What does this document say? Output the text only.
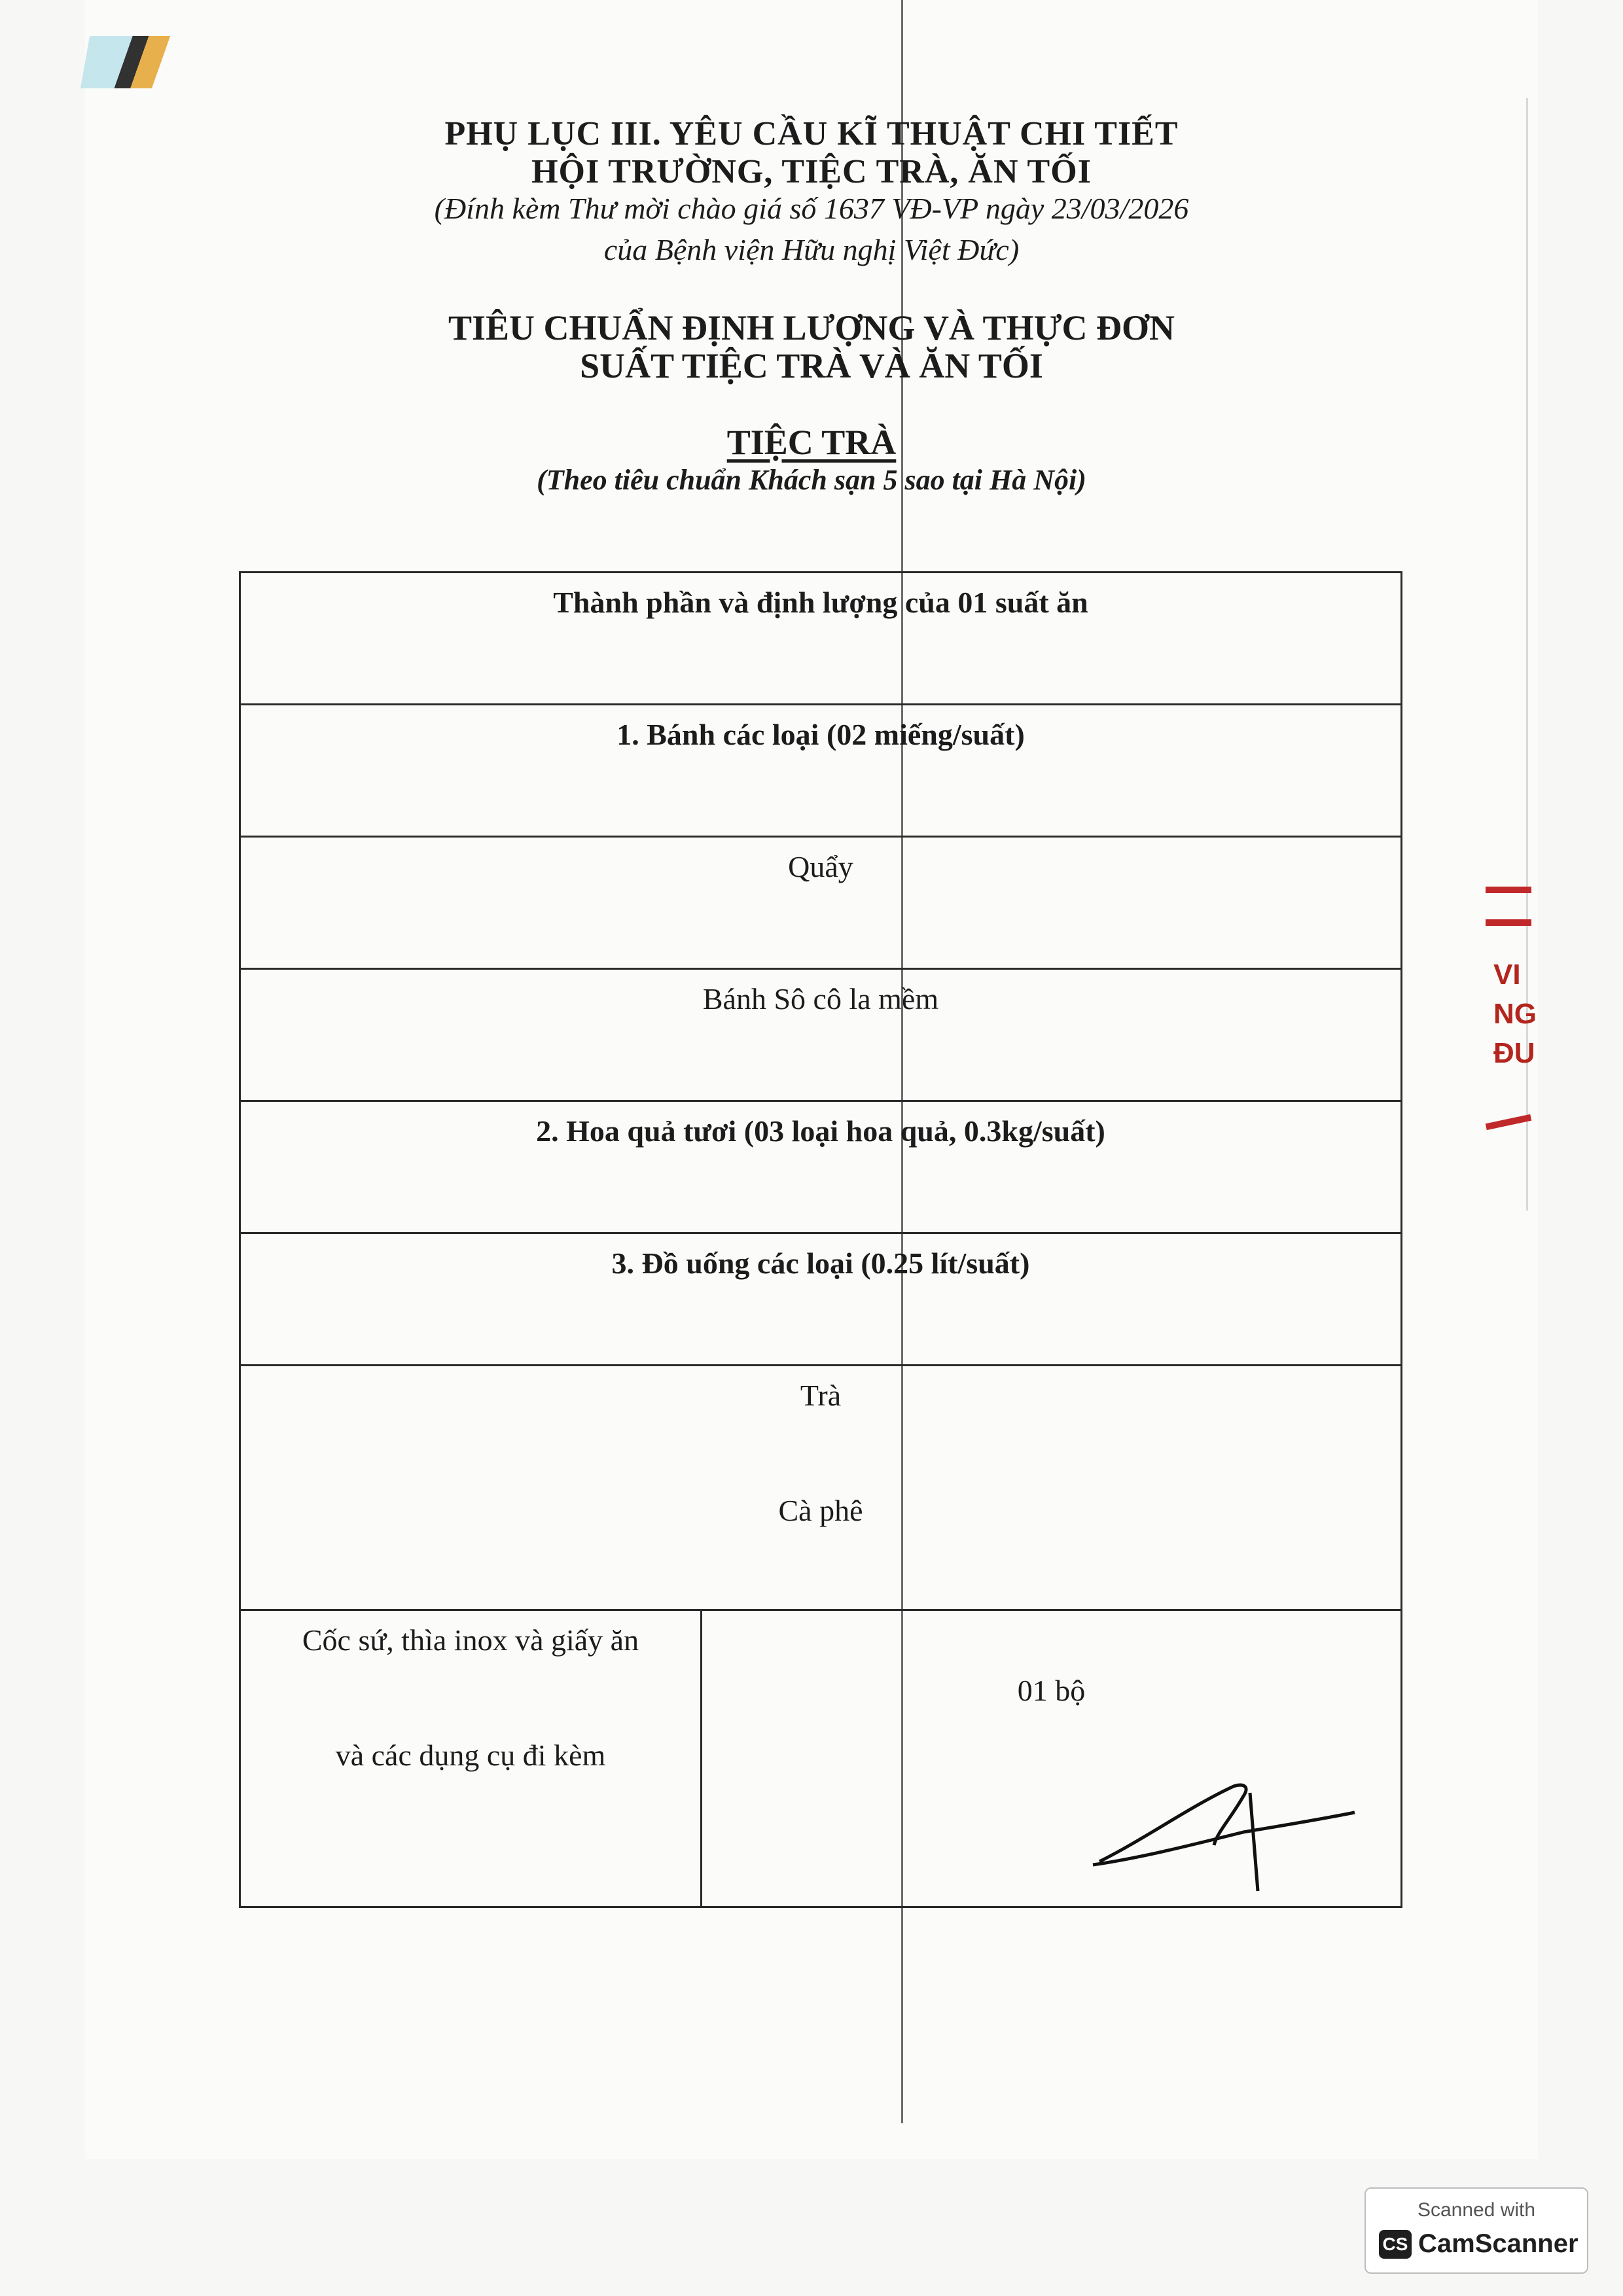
PHỤ LỤC III. YÊU CẦU KĨ THUẬT CHI TIẾT
HỘI TRƯỜNG, TIỆC TRÀ, ĂN TỐI
(Đính kèm Thư mời chào giá số 1637 VĐ-VP ngày 23/03/2026
của Bệnh viện Hữu nghị Việt Đức)
TIÊU CHUẨN ĐỊNH LƯỢNG VÀ THỰC ĐƠN
SUẤT TIỆC TRÀ VÀ ĂN TỐI
TIỆC TRÀ
(Theo tiêu chuẩn Khách sạn 5 sao tại Hà Nội)
Thành phần và định lượng của 01 suất ăn
1. Bánh các loại (02 miếng/suất)
Quẩy
Bánh Sô cô la mềm
2. Hoa quả tươi (03 loại hoa quả, 0.3kg/suất)
3. Đồ uống các loại (0.25 lít/suất)

Trà
Cà phê

Cốc sứ, thìa inox và giấy ăn
và các dụng cụ đi kèm
	01 bộ
VI
NG
ĐU
Scanned with
CS CamScanner
